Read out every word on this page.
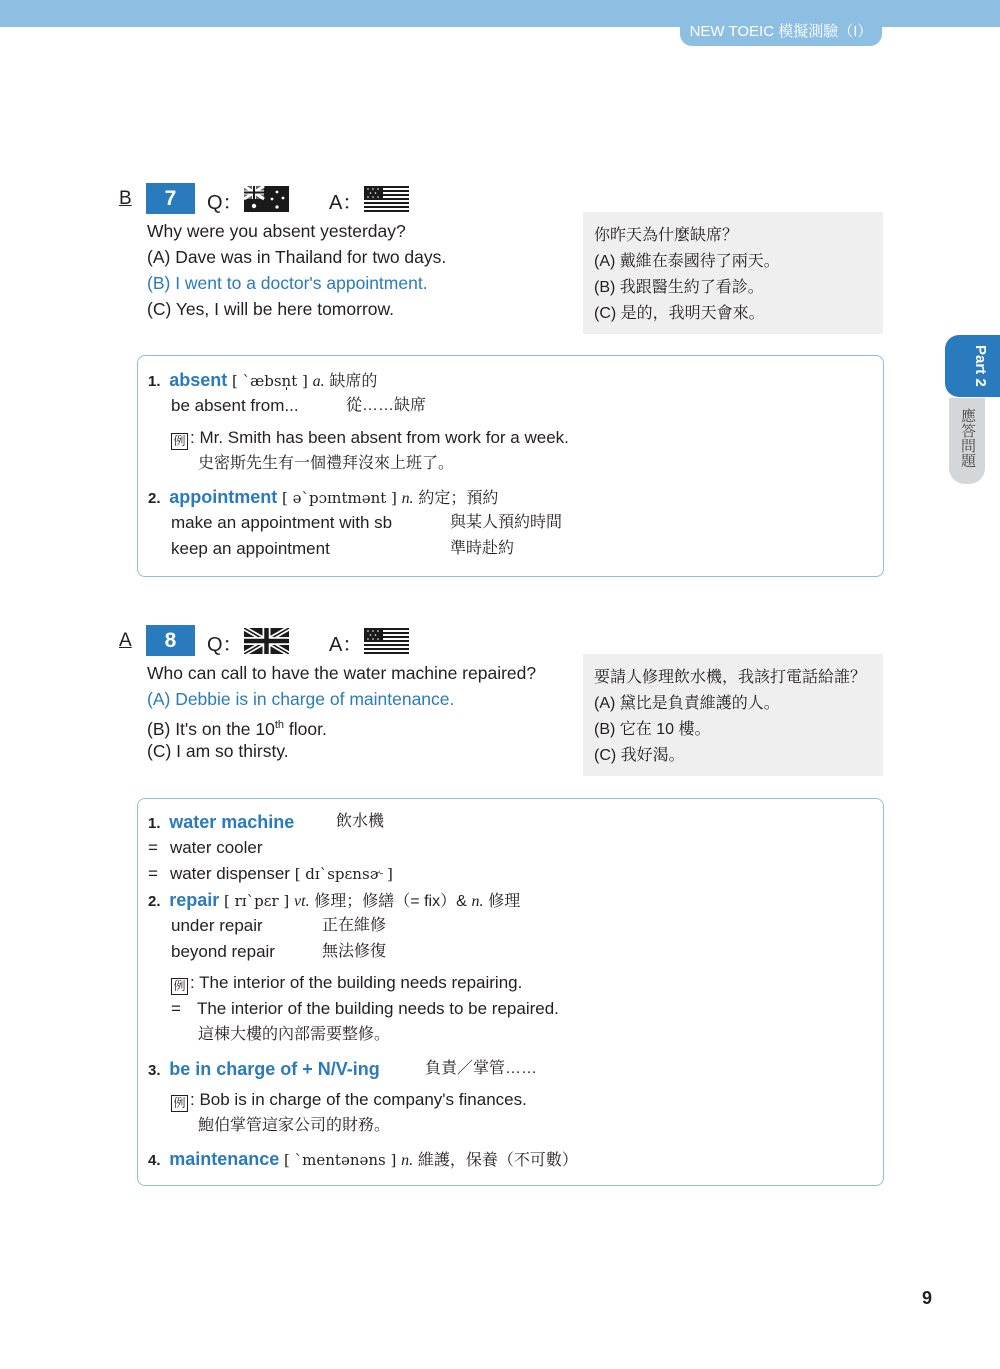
NEW TOEIC 模擬測驗（I）
Part 2
應答問題
B	7	Q：	A：
Why were you absent yesterday?
(A) Dave was in Thailand for two days.
(B) I went to a doctor's appointment.
(C) Yes, I will be here tomorrow.
你昨天為什麼缺席？
(A) 戴維在泰國待了兩天。
(B) 我跟醫生約了看診。
(C) 是的，我明天會來。
1. absent [ ˋæbsn̩t ] a. 缺席的
be absent from...	從……缺席
例 : Mr. Smith has been absent from work for a week.
史密斯先生有一個禮拜沒來上班了。
2. appointment [ əˋpɔɪntmənt ] n. 約定；預約
make an appointment with sb	與某人預約時間
keep an appointment	準時赴約
A	8	Q：	A：
Who can call to have the water machine repaired?
(A) Debbie is in charge of maintenance.
(B) It's on the 10th floor.
(C) I am so thirsty.
要請人修理飲水機，我該打電話給誰？
(A) 黛比是負責維護的人。
(B) 它在 10 樓。
(C) 我好渴。
1. water machine	飲水機
= water cooler
= water dispenser [ dɪˋspɛnsɚ ]
2. repair [ rɪˋpɛr ] vt. 修理；修繕（= fix）& n. 修理
under repair	正在維修
beyond repair	無法修復
例 : The interior of the building needs repairing.
= The interior of the building needs to be repaired.
這棟大樓的內部需要整修。
3. be in charge of + N/V-ing	負責／掌管……
例 : Bob is in charge of the company's finances.
鮑伯掌管這家公司的財務。
4. maintenance [ ˋmentənəns ] n. 維護，保養（不可數）
9
